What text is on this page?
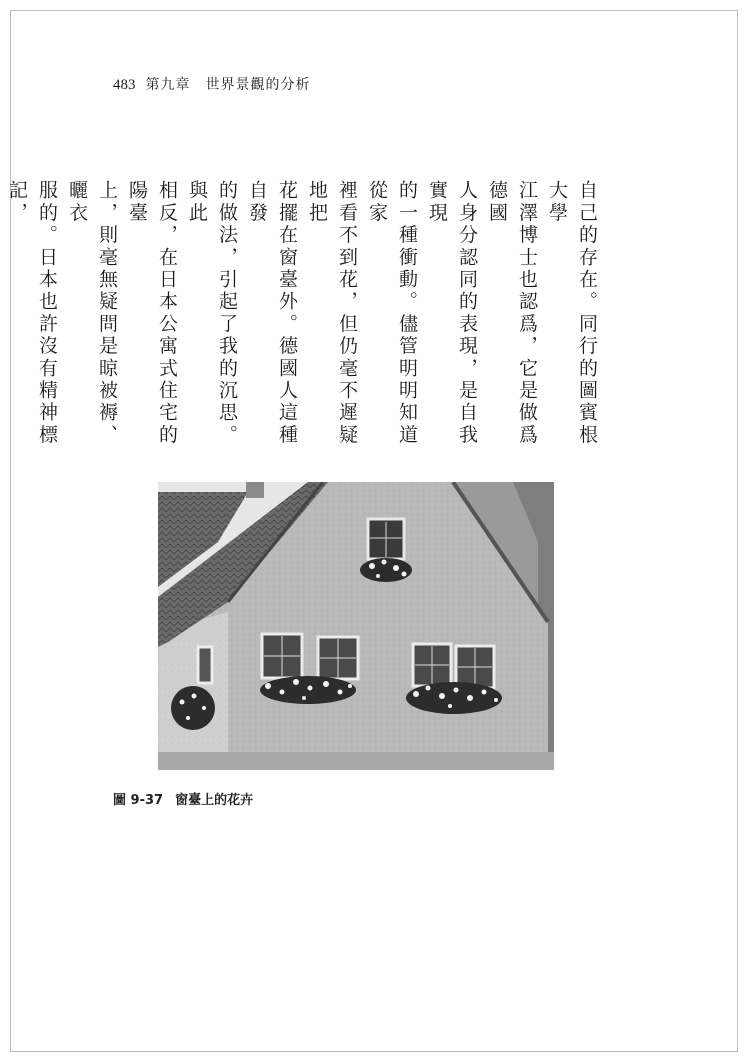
483 第九章　世界景觀的分析
自己的存在。同行的圖賓根大學
江澤博士也認爲，它是做爲德國
人身分認同的表現，是自我實現
的一種衝動。儘管明明知道從家
裡看不到花，但仍毫不遲疑地把
花擺在窗臺外。德國人這種自發
的做法，引起了我的沉思。與此
相反，在日本公寓式住宅的陽臺
上，則毫無疑問是晾被褥、曬衣
服的。日本也許沒有精神標記，
圖 9-37 窗臺上的花卉
